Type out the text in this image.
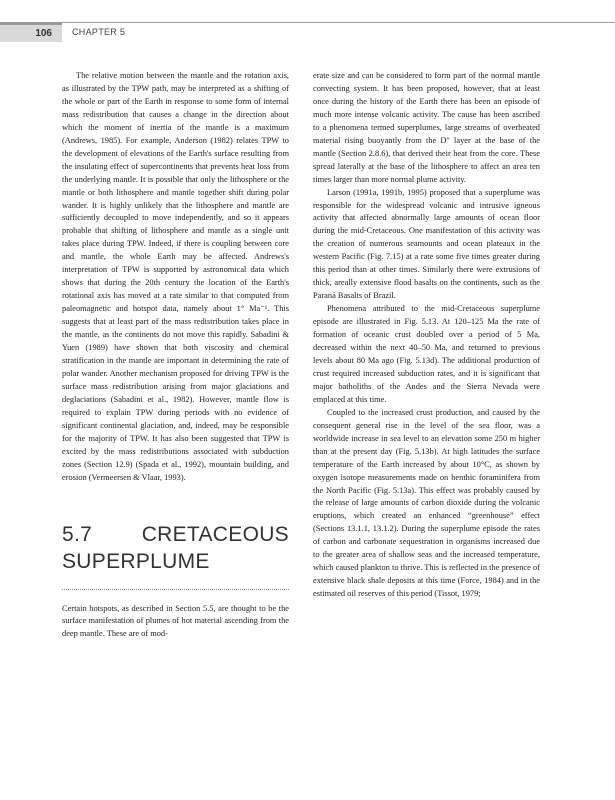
106	CHAPTER 5

The relative motion between the mantle and the rotation axis, as illustrated by the TPW path, may be interpreted as a shifting of the whole or part of the Earth in response to some form of internal mass redistribution that causes a change in the direction about which the moment of inertia of the mantle is a maximum (Andrews, 1985). For example, Anderson (1982) relates TPW to the development of elevations of the Earth's surface resulting from the insulating effect of supercontinents that prevents heat loss from the underlying mantle. It is possible that only the lithosphere or the mantle or both lithosphere and mantle together shift during polar wander. It is highly unlikely that the lithosphere and mantle are sufficiently decoupled to move independently, and so it appears probable that shifting of lithosphere and mantle as a single unit takes place during TPW. Indeed, if there is coupling between core and mantle, the whole Earth may be affected. Andrews's interpretation of TPW is supported by astronomical data which shows that during the 20th century the location of the Earth's rotational axis has moved at a rate similar to that computed from paleomagnetic and hotspot data, namely about 1° Ma⁻¹. This suggests that at least part of the mass redistribution takes place in the mantle, as the continents do not move this rapidly. Sabadini & Yuen (1989) have shown that both viscosity and chemical stratification in the mantle are important in determining the rate of polar wander. Another mechanism proposed for driving TPW is the surface mass redistribution arising from major glaciations and deglaciations (Sabadini et al., 1982). However, mantle flow is required to explain TPW during periods with no evidence of significant continental glaciation, and, indeed, may be responsible for the majority of TPW. It has also been suggested that TPW is excited by the mass redistributions associated with subduction zones (Section 12.9) (Spada et al., 1992), mountain building, and erosion (Vermeersen & Vlaar, 1993).

5.7 CRETACEOUS SUPERPLUME

Certain hotspots, as described in Section 5.5, are thought to be the surface manifestation of plumes of hot material ascending from the deep mantle. These are of mod-

erate size and can be considered to form part of the normal mantle convecting system. It has been proposed, however, that at least once during the history of the Earth there has been an episode of much more intense volcanic activity. The cause has been ascribed to a phenomena termed superplumes, large streams of overheated material rising buoyantly from the D″ layer at the base of the mantle (Section 2.8.6), that derived their heat from the core. These spread laterally at the base of the lithosphere to affect an area ten times larger than more normal plume activity.

Larson (1991a, 1991b, 1995) proposed that a superplume was responsible for the widespread volcanic and intrusive igneous activity that affected abnormally large amounts of ocean floor during the mid-Cretaceous. One manifestation of this activity was the creation of numerous seamounts and ocean plateaux in the western Pacific (Fig. 7.15) at a rate some five times greater during this period than at other times. Similarly there were extrusions of thick, areally extensive flood basalts on the continents, such as the Paraná Basalts of Brazil.

Phenomena attributed to the mid-Cretaceous superplume episode are illustrated in Fig. 5.13. At 120–125 Ma the rate of formation of oceanic crust doubled over a period of 5 Ma, decreased within the next 40–50 Ma, and returned to previous levels about 80 Ma ago (Fig. 5.13d). The additional production of crust required increased subduction rates, and it is significant that major batholiths of the Andes and the Sierra Nevada were emplaced at this time.

Coupled to the increased crust production, and caused by the consequent general rise in the level of the sea floor, was a worldwide increase in sea level to an elevation some 250 m higher than at the present day (Fig. 5.13b). At high latitudes the surface temperature of the Earth increased by about 10°C, as shown by oxygen isotope measurements made on benthic foraminifera from the North Pacific (Fig. 5.13a). This effect was probably caused by the release of large amounts of carbon dioxide during the volcanic eruptions, which created an enhanced “greenhouse” effect (Sections 13.1.1, 13.1.2). During the superplume episode the rates of carbon and carbonate sequestration in organisms increased due to the greater area of shallow seas and the increased temperature, which caused plankton to thrive. This is reflected in the presence of extensive black shale deposits at this time (Force, 1984) and in the estimated oil reserves of this period (Tissot, 1979;
